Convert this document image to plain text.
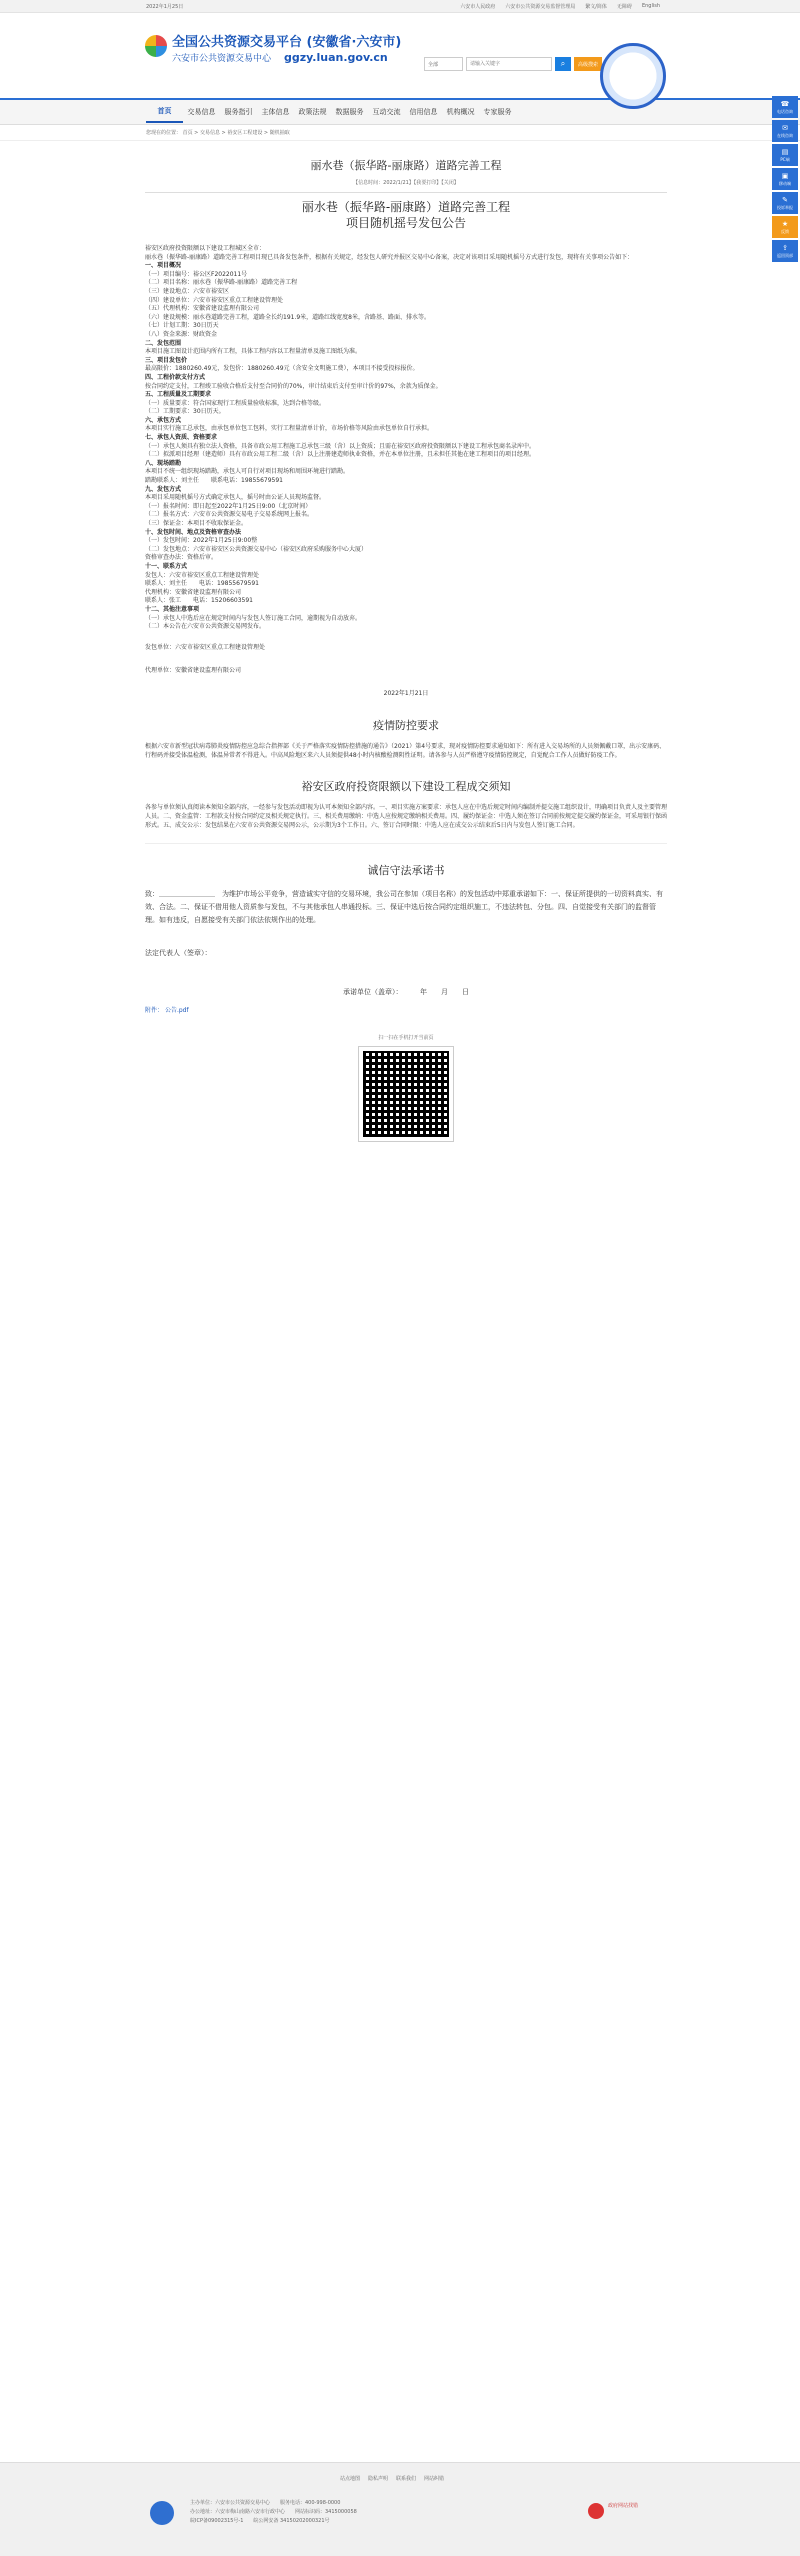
2022年1月25日	六安市人民政府 六安市公共资源交易监督管理局 繁文/简体 无障碍 English
全国公共资源交易平台 (安徽省·六安市)
六安市公共资源交易中心 ggzy.luan.gov.cn
全部
请输入关键字	⌕	高级搜索
首页	交易信息	服务指引	主体信息	政策法规	数据服务	互动交流	信用信息	机构概况	专家服务
您现在的位置： 首页 > 交易信息 > 裕安区工程建设 > 随机抽取
丽水巷（振华路-丽康路）道路完善工程
【信息时间：2022/1/21】【我要打印】【关闭】
丽水巷（振华路-丽康路）道路完善工程
项目随机摇号发包公告

裕安区政府投资限额以下建设工程城区全市：

丽水巷（振华路-丽康路）道路完善工程项目现已具备发包条件，根据有关规定，经发包人研究并报区交易中心备案，决定对该项目采用随机摇号方式进行发包，现将有关事项公告如下：

一、项目概况

（一）项目编号：裕公区F2022011号

（二）项目名称：丽水巷（振华路-丽康路）道路完善工程

（三）建设地点：六安市裕安区

（四）建设单位：六安市裕安区重点工程建设管理处

（五）代理机构：安徽省建设监理有限公司

（六）建设规模：丽水巷道路完善工程，道路全长约191.9米，道路红线宽度8米，含路基、路面、排水等。

（七）计划工期：30日历天

（八）资金来源：财政资金

二、发包范围

本项目施工图设计范围内所有工程，具体工程内容以工程量清单及施工图纸为准。

三、项目发包价

最高限价：1880260.49元，发包价：1880260.49元（含安全文明施工费），本项目不接受投标报价。

四、工程价款支付方式

按合同约定支付，工程竣工验收合格后支付至合同价的70%，审计结束后支付至审计价的97%，余款为质保金。

五、工程质量及工期要求

（一）质量要求：符合国家现行工程质量验收标准，达到合格等级。

（二）工期要求：30日历天。

六、承包方式

本项目实行施工总承包，由承包单位包工包料，实行工程量清单计价，市场价格等风险由承包单位自行承担。

七、承包人资质、资格要求

（一）承包人须具有独立法人资格，具备市政公用工程施工总承包三级（含）以上资质；且需在裕安区政府投资限额以下建设工程承包商名录库中。

（二）拟派项目经理（建造师）具有市政公用工程二级（含）以上注册建造师执业资格，并在本单位注册，且未担任其他在建工程项目的项目经理。

八、现场踏勘

本项目不统一组织现场踏勘，承包人可自行对项目现场和周围环境进行踏勘。

踏勘联系人：刘主任　　联系电话：19855679591

九、发包方式

本项目采用随机摇号方式确定承包人，摇号时由公证人员现场监督。

（一）报名时间：即日起至2022年1月25日9:00（北京时间）

（二）报名方式：六安市公共资源交易电子交易系统网上报名。

（三）保证金：本项目不收取保证金。

十、发包时间、地点及资格审查办法

（一）发包时间：2022年1月25日9:00整

（二）发包地点：六安市裕安区公共资源交易中心（裕安区政府采购服务中心大厦）

资格审查办法：资格后审。

十一、联系方式

发包人：六安市裕安区重点工程建设管理处

联系人：刘主任　　电话：19855679591

代理机构：安徽省建设监理有限公司

联系人：张工　　电话：15206603591

十二、其他注意事项

（一）承包人中选后应在规定时间内与发包人签订施工合同，逾期视为自动放弃。

（二）本公告在六安市公共资源交易网发布。

发包单位：六安市裕安区重点工程建设管理处
代理单位：安徽省建设监理有限公司
2022年1月21日
疫情防控要求

根据六安市新型冠状病毒肺炎疫情防控应急综合指挥部《关于严格落实疫情防控措施的通告》（2021）第4号要求，现对疫情防控要求通知如下：所有进入交易场所的人员须佩戴口罩，出示安康码、行程码并接受体温检测，体温异常者不得进入。中高风险地区来六人员须提供48小时内核酸检测阴性证明。请各参与人员严格遵守疫情防控规定，自觉配合工作人员做好防疫工作。

裕安区政府投资限额以下建设工程成交须知

各参与单位须认真阅读本须知全部内容，一经参与发包活动即视为认可本须知全部内容。一、项目实施方案要求：承包人应在中选后规定时间内编制并提交施工组织设计，明确项目负责人及主要管理人员。二、资金监管：工程款支付按合同约定及相关规定执行。三、相关费用缴纳：中选人应按规定缴纳相关费用。四、履约保证金：中选人须在签订合同前按规定提交履约保证金，可采用银行保函形式。五、成交公示：发包结果在六安市公共资源交易网公示，公示期为3个工作日。六、签订合同时限：中选人应在成交公示结束后5日内与发包人签订施工合同。

诚信守法承诺书

致：＿＿＿＿＿＿＿＿　为维护市场公平竞争，营造诚实守信的交易环境，我公司在参加（项目名称）的发包活动中郑重承诺如下：一、保证所提供的一切资料真实、有效、合法。二、保证不借用他人资质参与发包，不与其他承包人串通投标。三、保证中选后按合同约定组织施工，不违法转包、分包。四、自觉接受有关部门的监督管理。如有违反，自愿接受有关部门依法依规作出的处理。

法定代表人（签章）：
承诺单位（盖章）：　　　年　　月　　日
附件： 公告.pdf
扫一扫在手机打开当前页
☎
电话咨询
✉
在线咨询
▤
PC端
▣
移动端
✎
投诉举报
★
反馈
⇪
返回顶部
站点地图 隐私声明 联系我们 网站纠错
主办单位：六安市公共资源交易中心　　服务电话：400-998-0000
办公地址：六安市梅山南路六安市行政中心　　网站标识码：3415000058
皖ICP备09002315号-1　　皖公网安备 34150202000321号
政府网站找错
